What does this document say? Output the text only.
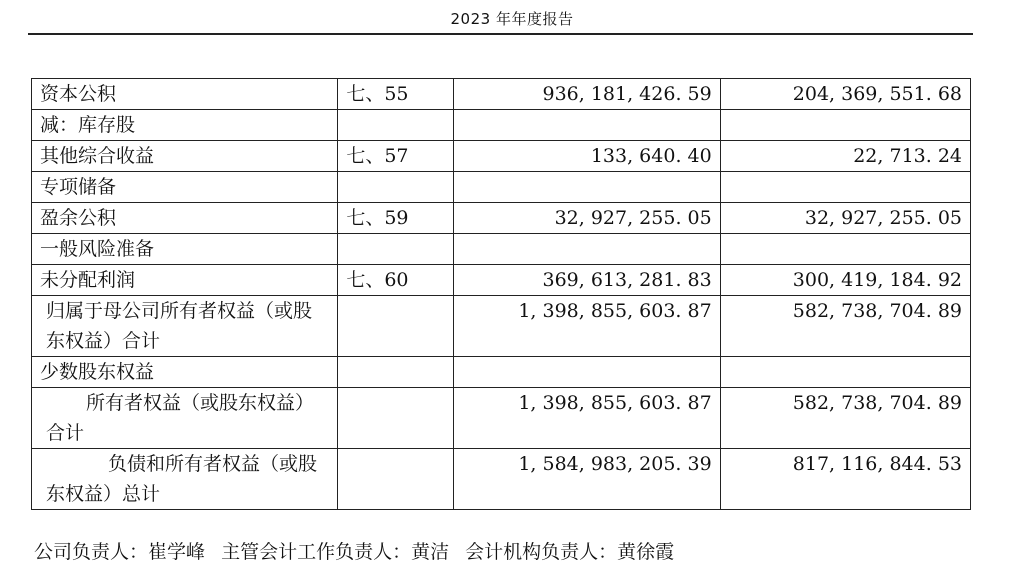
2023 年年度报告
资本公积	七、55	936, 181, 426. 59	204, 369, 551. 68
减：库存股			
其他综合收益	七、57	133, 640. 40	22, 713. 24
专项储备			
盈余公积	七、59	32, 927, 255. 05	32, 927, 255. 05
一般风险准备			
未分配利润	七、60	369, 613, 281. 83	300, 419, 184. 92
归属于母公司所有者权益（或股东权益）合计		1, 398, 855, 603. 87	582, 738, 704. 89
少数股东权益			
所有者权益（或股东权益）合计		1, 398, 855, 603. 87	582, 738, 704. 89
负债和所有者权益（或股东权益）总计		1, 584, 983, 205. 39	817, 116, 844. 53
公司负责人：崔学峰 主管会计工作负责人：黄洁 会计机构负责人：黄徐霞
